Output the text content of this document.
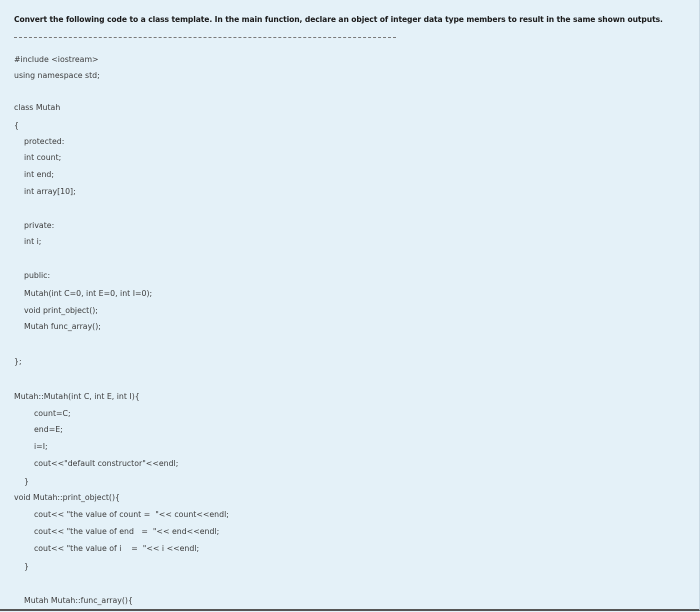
Convert the following code to a class template. In the main function, declare an object of integer data type members to result in the same shown outputs.
#include <iostream>
using namespace std;
class Mutah
{
protected:
int count;
int end;
int array[10];
private:
int i;
public:
Mutah(int C=0, int E=0, int I=0);
void print_object();
Mutah func_array();
};
Mutah::Mutah(int C, int E, int I){
count=C;
end=E;
i=I;
cout<<"default constructor"<<endl;
}
void Mutah::print_object(){
cout<< "the value of count =  "<< count<<endl;
cout<< "the value of end   =  "<< end<<endl;
cout<< "the value of i    =  "<< i <<endl;
}
Mutah Mutah::func_array(){
